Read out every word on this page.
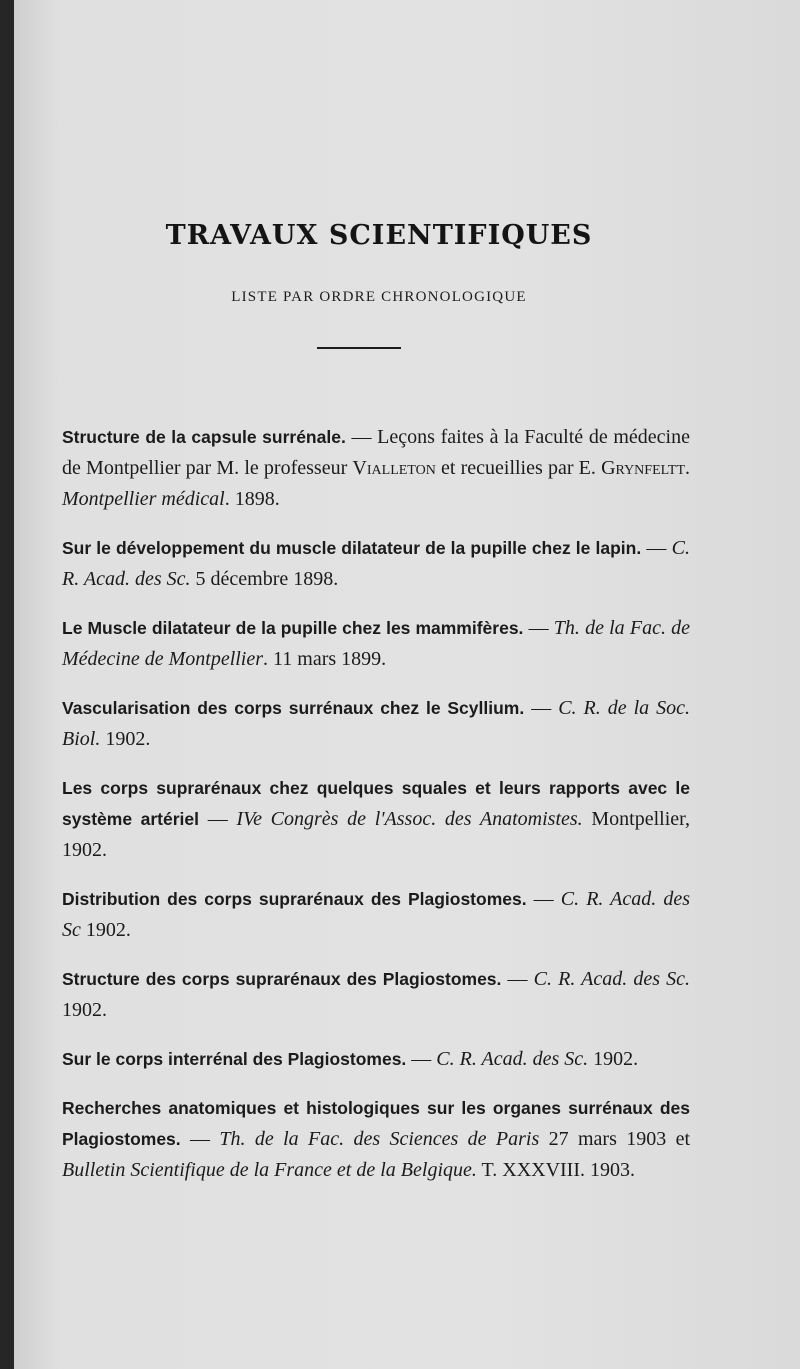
TRAVAUX SCIENTIFIQUES

LISTE PAR ORDRE CHRONOLOGIQUE

Structure de la capsule surrénale. — Leçons faites à la Faculté de médecine de Montpellier par M. le professeur Vialleton et recueillies par E. Grynfeltt. Montpellier médical. 1898.
Sur le développement du muscle dilatateur de la pupille chez le lapin. — C. R. Acad. des Sc. 5 décembre 1898.
Le Muscle dilatateur de la pupille chez les mammifères. — Th. de la Fac. de Médecine de Montpellier. 11 mars 1899.
Vascularisation des corps surrénaux chez le Scyllium. — C. R. de la Soc. Biol. 1902.
Les corps suprarénaux chez quelques squales et leurs rapports avec le système artériel — IVe Congrès de l'Assoc. des Anatomistes. Montpellier, 1902.
Distribution des corps suprarénaux des Plagiostomes. — C. R. Acad. des Sc 1902.
Structure des corps suprarénaux des Plagiostomes. — C. R. Acad. des Sc. 1902.
Sur le corps interrénal des Plagiostomes. — C. R. Acad. des Sc. 1902.
Recherches anatomiques et histologiques sur les organes surrénaux des Plagiostomes. — Th. de la Fac. des Sciences de Paris 27 mars 1903 et Bulletin Scientifique de la France et de la Belgique. T. XXXVIII. 1903.
